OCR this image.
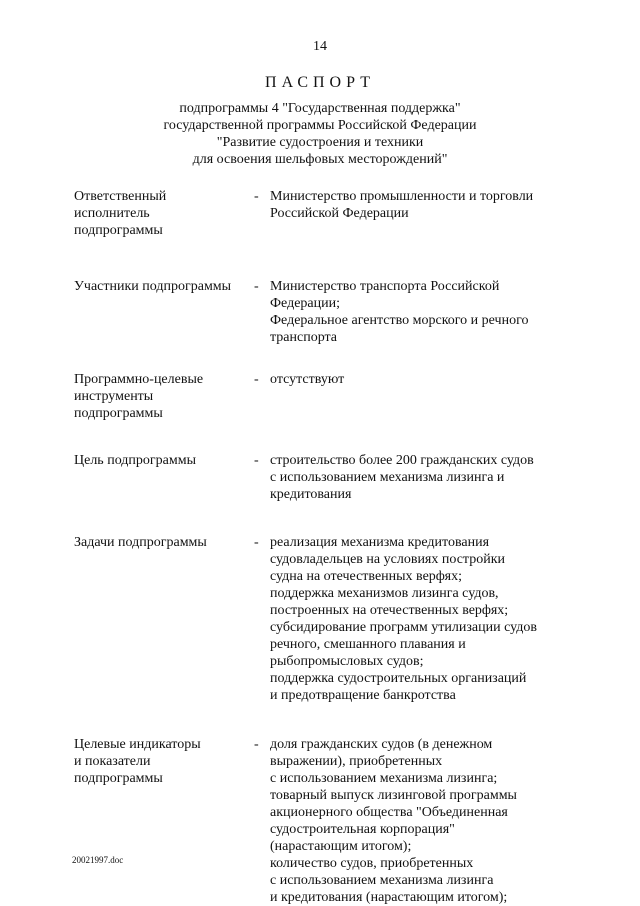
14
ПАСПОРТ
подпрограммы 4 "Государственная поддержка"
государственной программы Российской Федерации
"Развитие судостроения и техники
для освоения шельфовых месторождений"
Ответственный
исполнитель
подпрограммы
- Министерство промышленности и торговли
Российской Федерации
Участники подпрограммы	- Министерство транспорта Российской
Федерации;
Федеральное агентство морского и речного
транспорта
Программно-целевые
инструменты
подпрограммы
- отсутствуют
Цель подпрограммы	- строительство более 200 гражданских судов
с использованием механизма лизинга и
кредитования
Задачи подпрограммы	- реализация механизма кредитования
судовладельцев на условиях постройки
судна на отечественных верфях;
поддержка механизмов лизинга судов,
построенных на отечественных верфях;
субсидирование программ утилизации судов
речного, смешанного плавания и
рыбопромысловых судов;
поддержка судостроительных организаций
и предотвращение банкротства
Целевые индикаторы
и показатели
подпрограммы
- доля гражданских судов (в денежном
выражении), приобретенных
с использованием механизма лизинга;
товарный выпуск лизинговой программы
акционерного общества "Объединенная
судостроительная корпорация"
(нарастающим итогом);
количество судов, приобретенных
с использованием механизма лизинга
и кредитования (нарастающим итогом);
20021997.doc
